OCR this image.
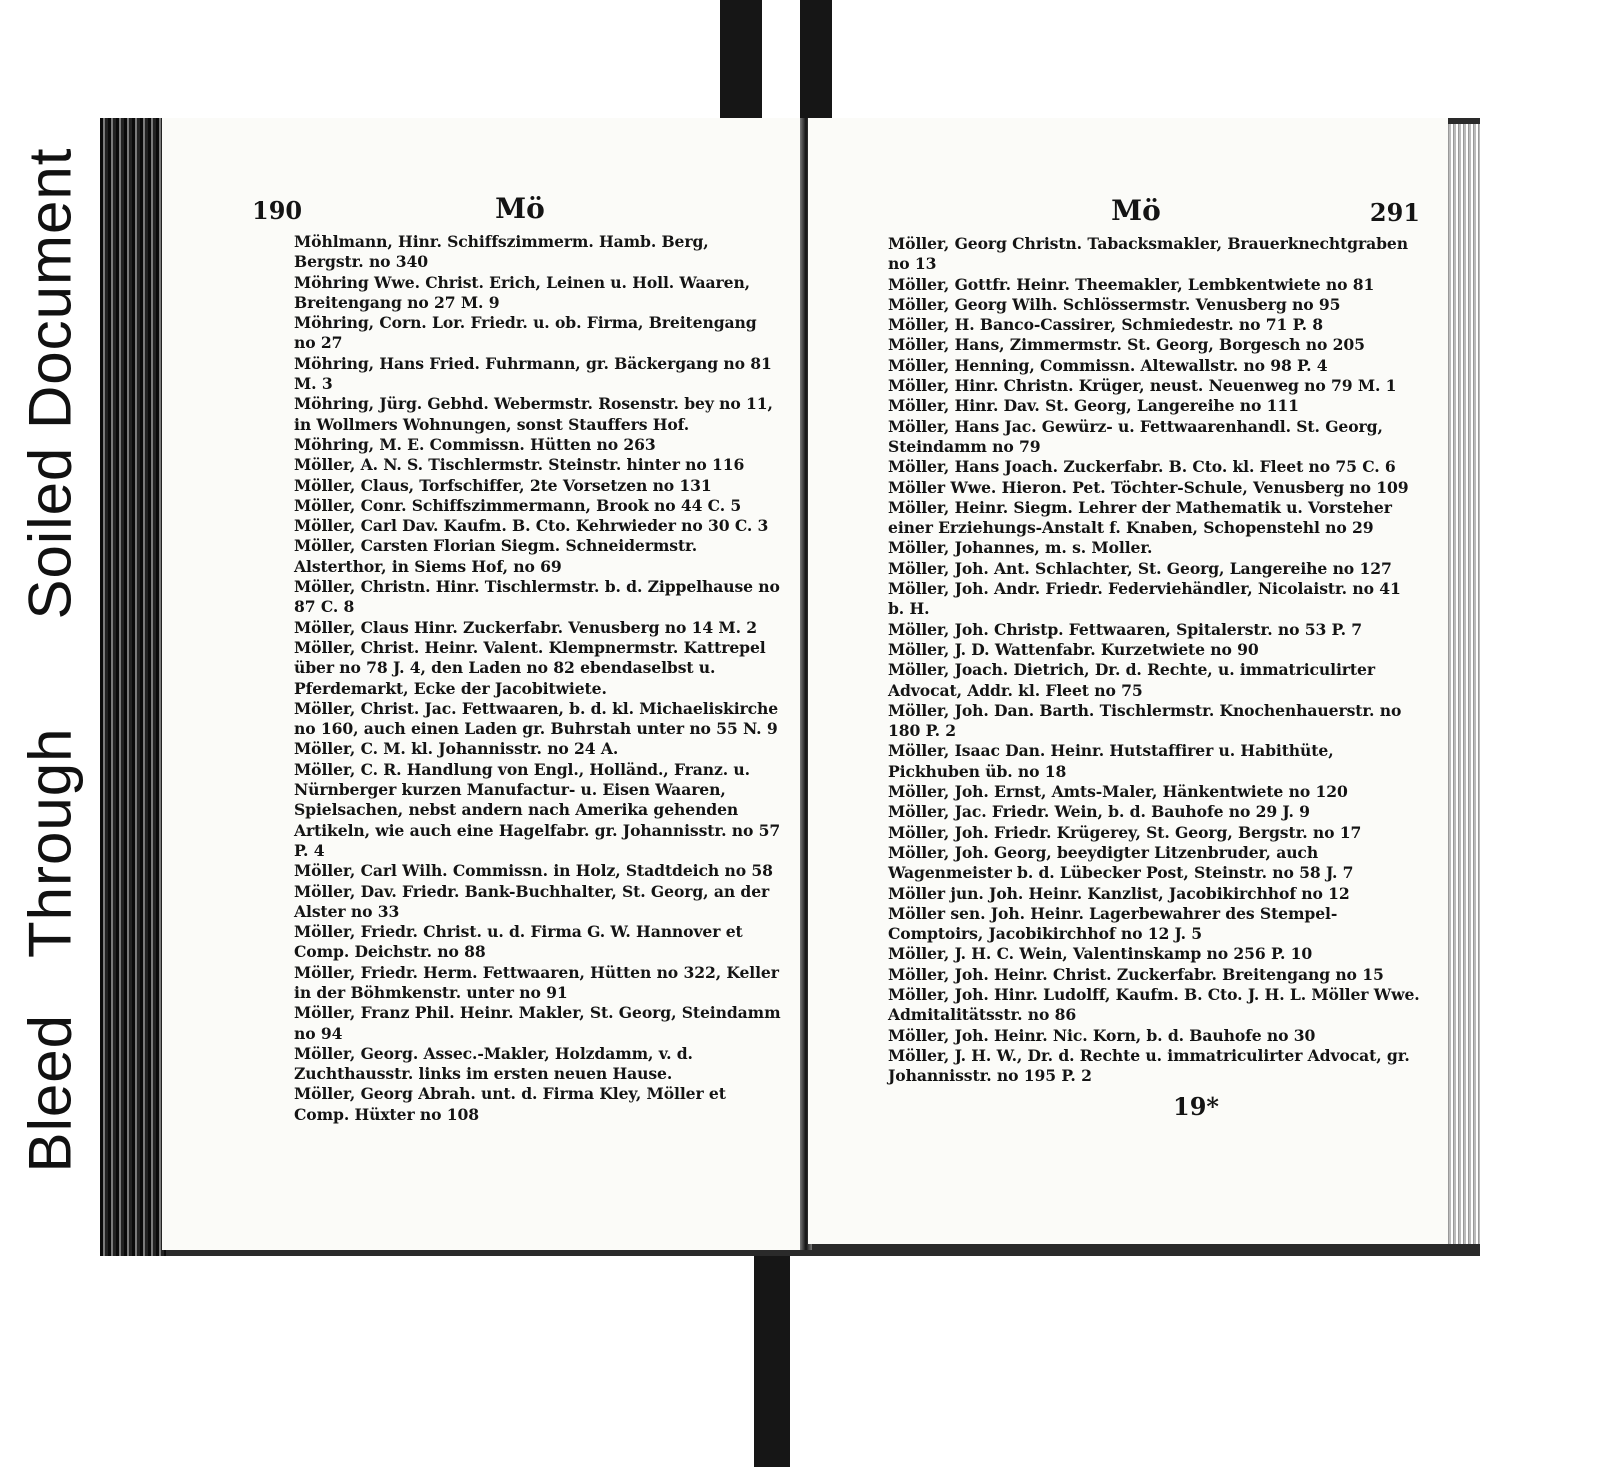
BleedThroughSoiled Document	190	Mö
Möhlmann, Hinr. Schiffszimmerm. Hamb. Berg, Bergstr. no 340
Möhring Wwe. Christ. Erich, Leinen u. Holl. Waaren, Breitengang no 27 M. 9
Möhring, Corn. Lor. Friedr. u. ob. Firma, Breitengang no 27
Möhring, Hans Fried. Fuhrmann, gr. Bäckergang no 81 M. 3
Möhring, Jürg. Gebhd. Webermstr. Rosenstr. bey no 11, in Wollmers Wohnungen, sonst Stauffers Hof.
Möhring, M. E. Commissn. Hütten no 263
Möller, A. N. S. Tischlermstr. Steinstr. hinter no 116
Möller, Claus, Torfschiffer, 2te Vorsetzen no 131
Möller, Conr. Schiffszimmermann, Brook no 44 C. 5
Möller, Carl Dav. Kaufm. B. Cto. Kehrwieder no 30 C. 3
Möller, Carsten Florian Siegm. Schneidermstr. Alsterthor, in Siems Hof, no 69
Möller, Christn. Hinr. Tischlermstr. b. d. Zippelhause no 87 C. 8
Möller, Claus Hinr. Zuckerfabr. Venusberg no 14 M. 2
Möller, Christ. Heinr. Valent. Klempnermstr. Kattrepel über no 78 J. 4, den Laden no 82 ebendaselbst u. Pferdemarkt, Ecke der Jacobitwiete.
Möller, Christ. Jac. Fettwaaren, b. d. kl. Michaeliskirche no 160, auch einen Laden gr. Buhrstah unter no 55 N. 9
Möller, C. M. kl. Johannisstr. no 24 A.
Möller, C. R. Handlung von Engl., Holländ., Franz. u. Nürnberger kurzen Manufactur- u. Eisen Waaren, Spielsachen, nebst andern nach Amerika gehenden Artikeln, wie auch eine Hagelfabr. gr. Johannisstr. no 57 P. 4
Möller, Carl Wilh. Commissn. in Holz, Stadtdeich no 58
Möller, Dav. Friedr. Bank-Buchhalter, St. Georg, an der Alster no 33
Möller, Friedr. Christ. u. d. Firma G. W. Hannover et Comp. Deichstr. no 88
Möller, Friedr. Herm. Fettwaaren, Hütten no 322, Keller in der Böhmkenstr. unter no 91
Möller, Franz Phil. Heinr. Makler, St. Georg, Steindamm no 94
Möller, Georg. Assec.-Makler, Holzdamm, v. d. Zuchthausstr. links im ersten neuen Hause.
Möller, Georg Abrah. unt. d. Firma Kley, Möller et Comp. Hüxter no 108
Mö	291
Möller, Georg Christn. Tabacksmakler, Brauerknechtgraben no 13
Möller, Gottfr. Heinr. Theemakler, Lembkentwiete no 81
Möller, Georg Wilh. Schlössermstr. Venusberg no 95
Möller, H. Banco-Cassirer, Schmiedestr. no 71 P. 8
Möller, Hans, Zimmermstr. St. Georg, Borgesch no 205
Möller, Henning, Commissn. Altewallstr. no 98 P. 4
Möller, Hinr. Christn. Krüger, neust. Neuenweg no 79 M. 1
Möller, Hinr. Dav. St. Georg, Langereihe no 111
Möller, Hans Jac. Gewürz- u. Fettwaarenhandl. St. Georg, Steindamm no 79
Möller, Hans Joach. Zuckerfabr. B. Cto. kl. Fleet no 75 C. 6
Möller Wwe. Hieron. Pet. Töchter-Schule, Venusberg no 109
Möller, Heinr. Siegm. Lehrer der Mathematik u. Vorsteher einer Erziehungs-Anstalt f. Knaben, Schopenstehl no 29
Möller, Johannes, m. s. Moller.
Möller, Joh. Ant. Schlachter, St. Georg, Langereihe no 127
Möller, Joh. Andr. Friedr. Federviehändler, Nicolaistr. no 41 b. H.
Möller, Joh. Christp. Fettwaaren, Spitalerstr. no 53 P. 7
Möller, J. D. Wattenfabr. Kurzetwiete no 90
Möller, Joach. Dietrich, Dr. d. Rechte, u. immatriculirter Advocat, Addr. kl. Fleet no 75
Möller, Joh. Dan. Barth. Tischlermstr. Knochenhauerstr. no 180 P. 2
Möller, Isaac Dan. Heinr. Hutstaffirer u. Habithüte, Pickhuben üb. no 18
Möller, Joh. Ernst, Amts-Maler, Hänkentwiete no 120
Möller, Jac. Friedr. Wein, b. d. Bauhofe no 29 J. 9
Möller, Joh. Friedr. Krügerey, St. Georg, Bergstr. no 17
Möller, Joh. Georg, beeydigter Litzenbruder, auch Wagenmeister b. d. Lübecker Post, Steinstr. no 58 J. 7
Möller jun. Joh. Heinr. Kanzlist, Jacobikirchhof no 12
Möller sen. Joh. Heinr. Lagerbewahrer des Stempel-Comptoirs, Jacobikirchhof no 12 J. 5
Möller, J. H. C. Wein, Valentinskamp no 256 P. 10
Möller, Joh. Heinr. Christ. Zuckerfabr. Breitengang no 15
Möller, Joh. Hinr. Ludolff, Kaufm. B. Cto. J. H. L. Möller Wwe. Admitalitätsstr. no 86
Möller, Joh. Heinr. Nic. Korn, b. d. Bauhofe no 30
Möller, J. H. W., Dr. d. Rechte u. immatriculirter Advocat, gr. Johannisstr. no 195 P. 2
19*
